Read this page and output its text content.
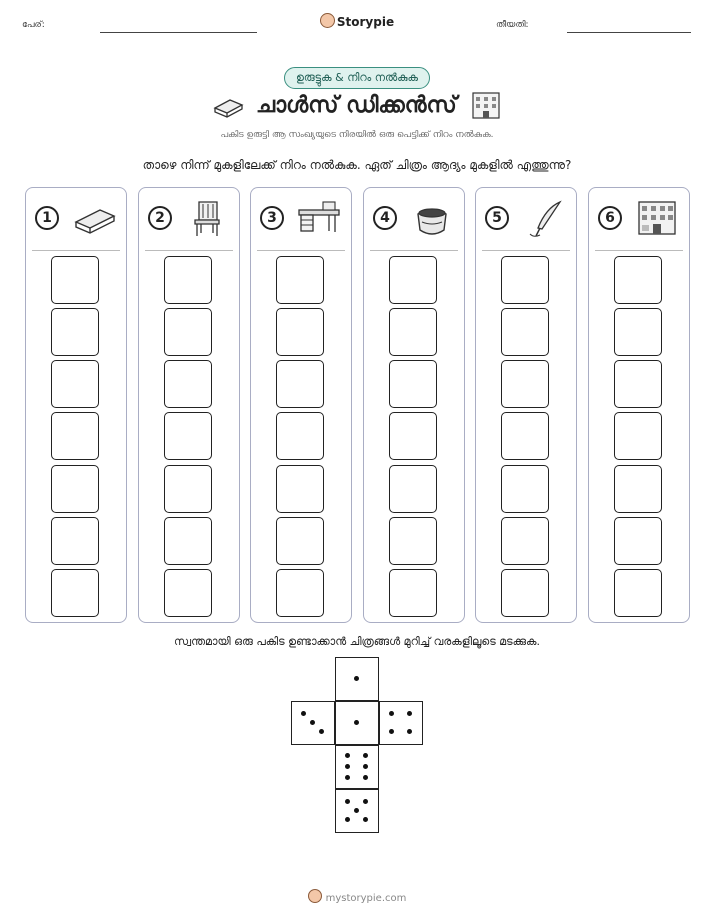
പേര്:	Storypie	തീയതി:
ഉരുട്ടുക & നിറം നൽകുക
ചാൾസ് ഡിക്കൻസ്
പകിട ഉരുട്ടി ആ സംഖ്യയുടെ നിരയിൽ ഒരു പെട്ടിക്ക് നിറം നൽകുക.
താഴെ നിന്ന് മുകളിലേക്ക് നിറം നൽകുക. ഏത് ചിത്രം ആദ്യം മുകളിൽ എത്തുന്നു?
1	2	3	4	5	6
സ്വന്തമായി ഒരു പകിട ഉണ്ടാക്കാൻ ചിത്രങ്ങൾ മുറിച്ച് വരകളിലൂടെ മടക്കുക.
mystorypie.com
